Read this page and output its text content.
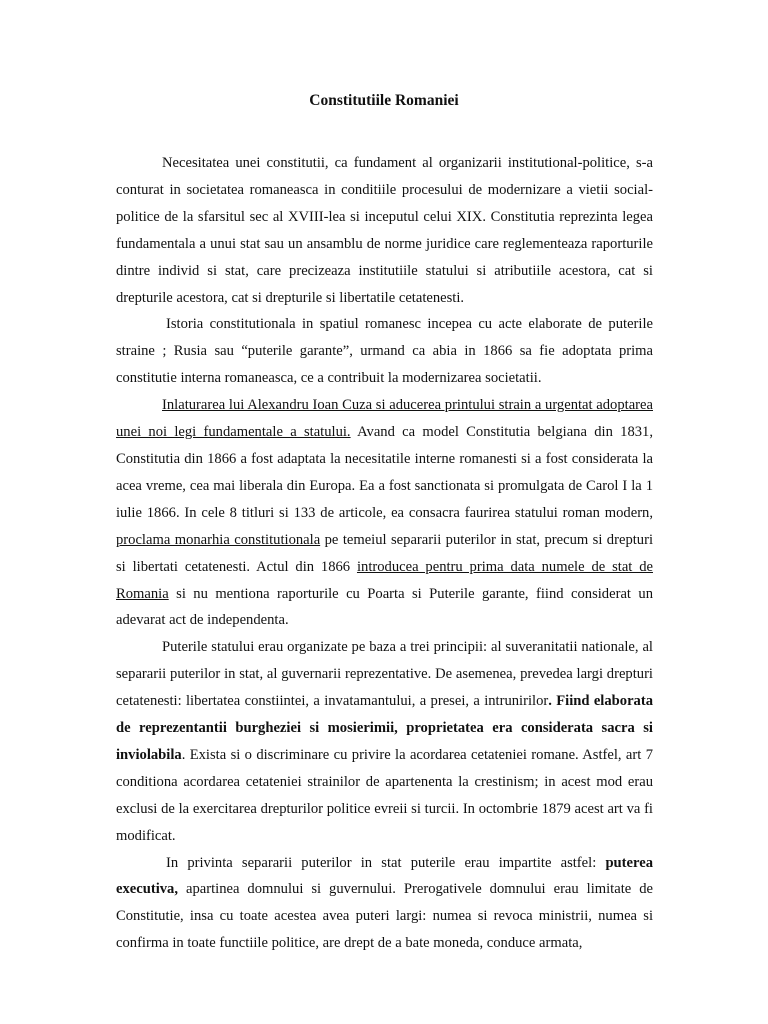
Constitutiile Romaniei

Necesitatea unei constitutii, ca fundament al organizarii institutional-politice, s-a conturat in societatea romaneasca in conditiile procesului de modernizare a vietii social-politice de la sfarsitul sec al XVIII-lea si inceputul celui XIX. Constitutia reprezinta legea fundamentala a unui stat sau un ansamblu de norme juridice care reglementeaza raporturile dintre individ si stat, care precizeaza institutiile statului si atributiile acestora, cat si drepturile acestora, cat si drepturile si libertatile cetatenesti.

Istoria constitutionala in spatiul romanesc incepea cu acte elaborate de puterile straine ; Rusia sau “puterile garante”, urmand ca abia in 1866 sa fie adoptata prima constitutie interna romaneasca, ce a contribuit la modernizarea societatii.

Inlaturarea lui Alexandru Ioan Cuza si aducerea printului strain a urgentat adoptarea unei noi legi fundamentale a statului. Avand ca model Constitutia belgiana din 1831, Constitutia din 1866 a fost adaptata la necesitatile interne romanesti si a fost considerata la acea vreme, cea mai liberala din Europa. Ea a fost sanctionata si promulgata de Carol I la 1 iulie 1866. In cele 8 titluri si 133 de articole, ea consacra faurirea statului roman modern, proclama monarhia constitutionala pe temeiul separarii puterilor in stat, precum si drepturi si libertati cetatenesti. Actul din 1866 introducea pentru prima data numele de stat de Romania si nu mentiona raporturile cu Poarta si Puterile garante, fiind considerat un adevarat act de independenta.

Puterile statului erau organizate pe baza a trei principii: al suveranitatii nationale, al separarii puterilor in stat, al guvernarii reprezentative. De asemenea, prevedea largi drepturi cetatenesti: libertatea constiintei, a invatamantului, a presei, a intrunirilor. Fiind elaborata de reprezentantii burgheziei si mosierimii, proprietatea era considerata sacra si inviolabila. Exista si o discriminare cu privire la acordarea cetateniei romane. Astfel, art 7 conditiona acordarea cetateniei strainilor de apartenenta la crestinism; in acest mod erau exclusi de la exercitarea drepturilor politice evreii si turcii. In octombrie 1879 acest art va fi modificat.

In privinta separarii puterilor in stat puterile erau impartite astfel: puterea executiva, apartinea domnului si guvernului. Prerogativele domnului erau limitate de Constitutie, insa cu toate acestea avea puteri largi: numea si revoca ministrii, numea si confirma in toate functiile politice, are drept de a bate moneda, conduce armata,
